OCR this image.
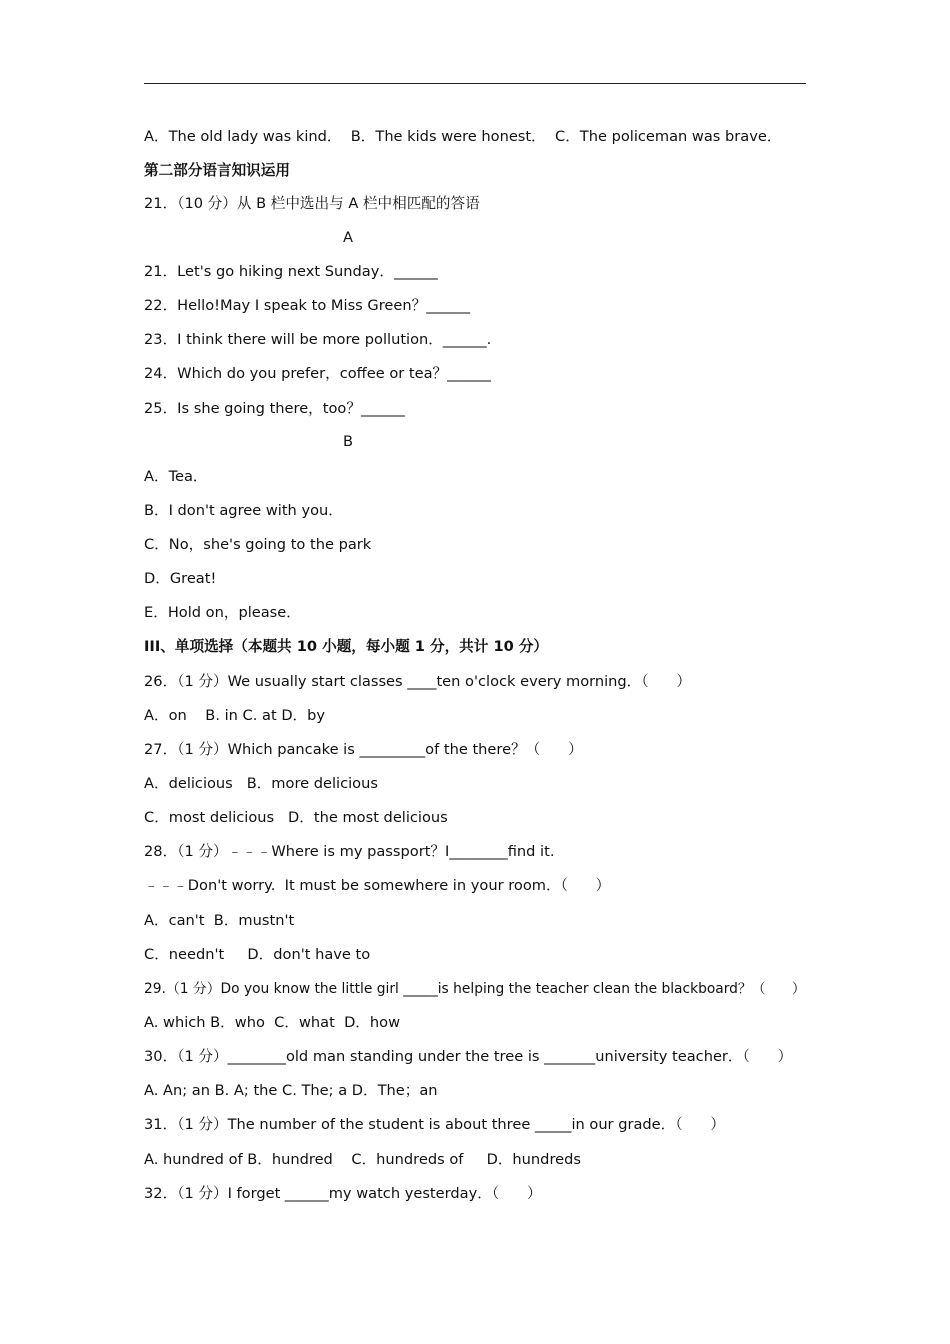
A．The old lady was kind．  B．The kids were honest．  C．The policeman was brave．
第二部分语言知识运用
21．（10 分）从 B 栏中选出与 A 栏中相匹配的答语
A
21．Let's go hiking next Sunday．______
22．Hello!May I speak to Miss Green？______
23．I think there will be more pollution．______.
24．Which do you prefer，coffee or tea？______
25．Is she going there，too？______
B
A．Tea．
B．I don't agree with you．
C．No，she's going to the park
D．Great!
E．Hold on，please．
III、单项选择（本题共 10 小题，每小题 1 分，共计 10 分）
26．（1 分）We usually start classes ____ten o'clock every morning．（      ）
A．on    B. in C. at D．by
27．（1 分）Which pancake is _________of the there？（      ）
A．delicious   B．more delicious
C．most delicious   D．the most delicious
28．（1 分）﹣﹣﹣Where is my passport？I________find it.
﹣﹣﹣Don't worry.  It must be somewhere in your room．（      ）
A．can't  B．mustn't
C．needn't     D．don't have to
29.（1 分）Do you know the little girl _____is helping the teacher clean the blackboard？（      ）
A. which B．who  C．what  D．how
30．（1 分）________old man standing under the tree is _______university teacher．（      ）
A. An; an B. A; the C. The; a D．The；an
31．（1 分）The number of the student is about three _____in our grade．（      ）
A. hundred of B．hundred    C．hundreds of     D．hundreds
32．（1 分）I forget ______my watch yesterday．（      ）
